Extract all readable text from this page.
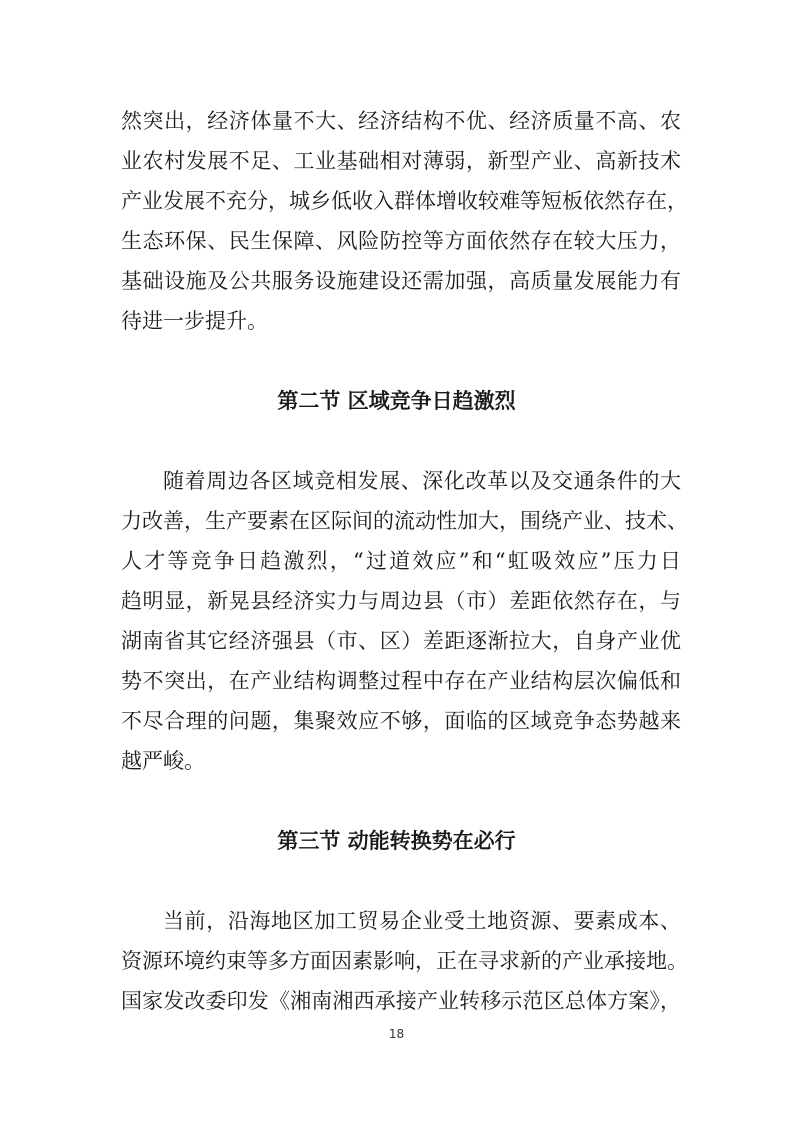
然突出，经济体量不大、经济结构不优、经济质量不高、农
业农村发展不足、工业基础相对薄弱，新型产业、高新技术
产业发展不充分，城乡低收入群体增收较难等短板依然存在，
生态环保、民生保障、风险防控等方面依然存在较大压力，
基础设施及公共服务设施建设还需加强，高质量发展能力有
待进一步提升。
第二节 区域竞争日趋激烈
随着周边各区域竞相发展、深化改革以及交通条件的大
力改善，生产要素在区际间的流动性加大，围绕产业、技术、
人才等竞争日趋激烈，“过道效应”和“虹吸效应”压力日
趋明显，新晃县经济实力与周边县（市）差距依然存在，与
湖南省其它经济强县（市、区）差距逐渐拉大，自身产业优
势不突出，在产业结构调整过程中存在产业结构层次偏低和
不尽合理的问题，集聚效应不够，面临的区域竞争态势越来
越严峻。
第三节 动能转换势在必行
当前，沿海地区加工贸易企业受土地资源、要素成本、
资源环境约束等多方面因素影响，正在寻求新的产业承接地。
国家发改委印发《湘南湘西承接产业转移示范区总体方案》，
18
